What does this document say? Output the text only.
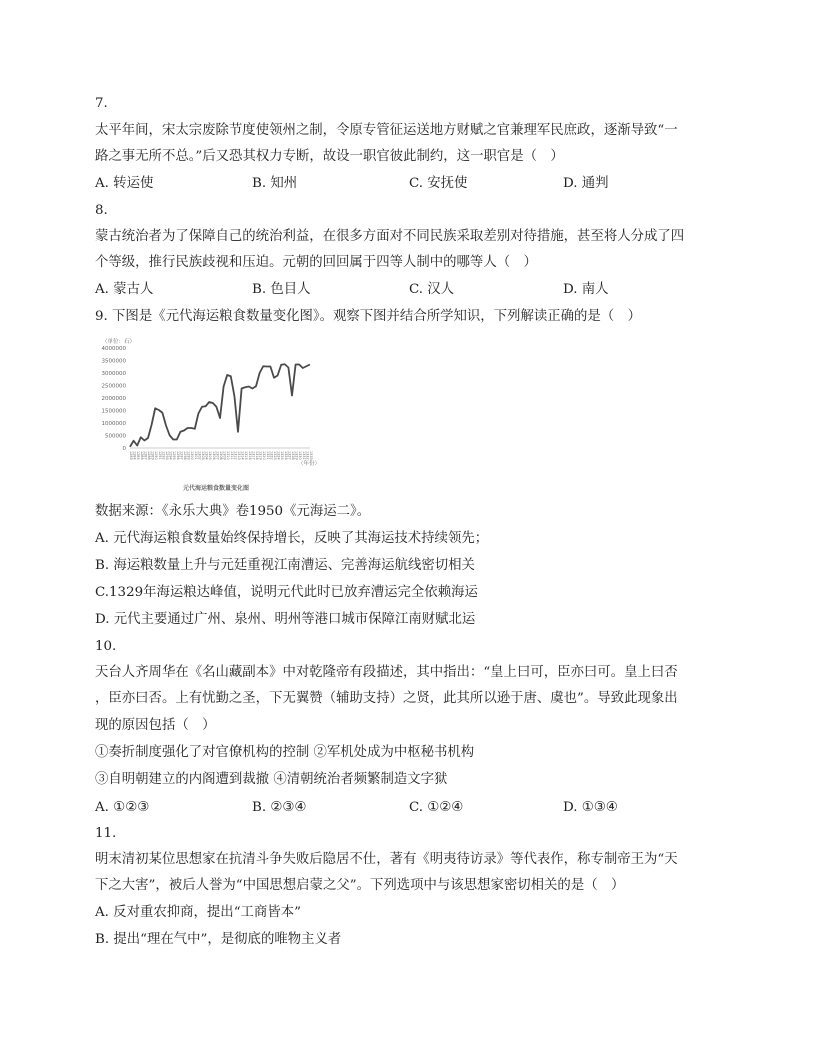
7.
太平年间，宋太宗废除节度使领州之制，令原专管征运送地方财赋之官兼理军民庶政，逐渐导致“一
路之事无所不总。”后又恐其权力专断，故设一职官彼此制约，这一职官是（　）
A. 转运使	B. 知州	C. 安抚使	D. 通判
8.
蒙古统治者为了保障自己的统治利益，在很多方面对不同民族采取差别对待措施，甚至将人分成了四
个等级，推行民族歧视和压迫。元朝的回回属于四等人制中的哪等人（　）
A. 蒙古人	B. 色目人	C. 汉人	D. 南人
9. 下图是《元代海运粮食数量变化图》。观察下图并结合所学知识，下列解读正确的是（　）
（单位：石）
0
500000
1000000
1500000
2000000
2500000
3000000
3500000
4000000
1283 1284 1285 1286 1287 1288 1289 1290 1291 1292 1293 1294 1295 1296 1297 1298 1299 1300 1301 1302 1303 1304 1305 1306 1307 1308 1309 1310 1311 1312 1313 1314 1315 1316 1317 1318 1319 1320 1321 1322 1323 1324 1325 1326 1327 1328 1329 1330 1331 1332 1333
（年份）
元代海运粮食数量变化图
数据来源：《永乐大典》卷1950《元海运二》。
A. 元代海运粮食数量始终保持增长，反映了其海运技术持续领先；
B. 海运粮数量上升与元廷重视江南漕运、完善海运航线密切相关
C.1329年海运粮达峰值，说明元代此时已放弃漕运完全依赖海运
D. 元代主要通过广州、泉州、明州等港口城市保障江南财赋北运
10.
天台人齐周华在《名山藏副本》中对乾隆帝有段描述，其中指出：“皇上曰可，臣亦曰可。皇上曰否
，臣亦曰否。上有忧勤之圣，下无翼赞（辅助支持）之贤，此其所以逊于唐、虞也”。导致此现象出
现的原因包括（　）
①奏折制度强化了对官僚机构的控制 ②军机处成为中枢秘书机构
③自明朝建立的内阁遭到裁撤 ④清朝统治者频繁制造文字狱
A. ①②③	B. ②③④	C. ①②④	D. ①③④
11.
明末清初某位思想家在抗清斗争失败后隐居不仕，著有《明夷待访录》等代表作，称专制帝王为“天
下之大害”，被后人誉为“中国思想启蒙之父”。下列选项中与该思想家密切相关的是（　）
A. 反对重农抑商，提出“工商皆本”
B. 提出“理在气中”，是彻底的唯物主义者
